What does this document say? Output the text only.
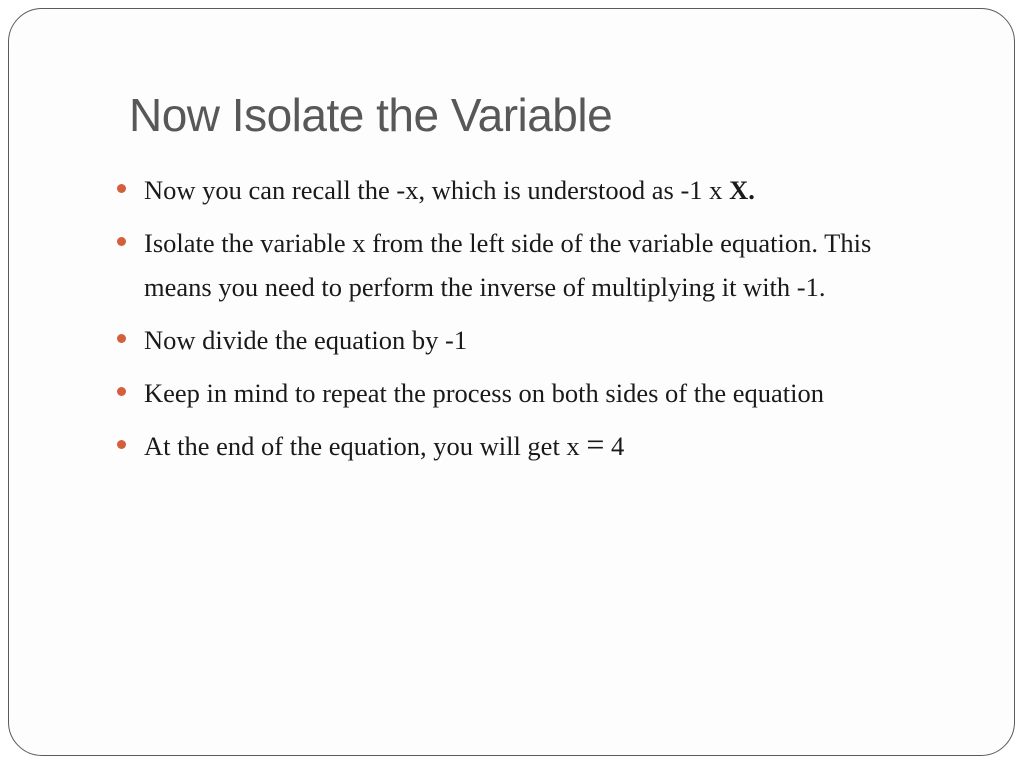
Now Isolate the Variable
Now you can recall the -x, which is understood as -1 x X.
Isolate the variable x from the left side of the variable equation. This means you need to perform the inverse of multiplying it with -1.
Now divide the equation by -1
Keep in mind to repeat the process on both sides of the equation
At the end of the equation, you will get x = 4
